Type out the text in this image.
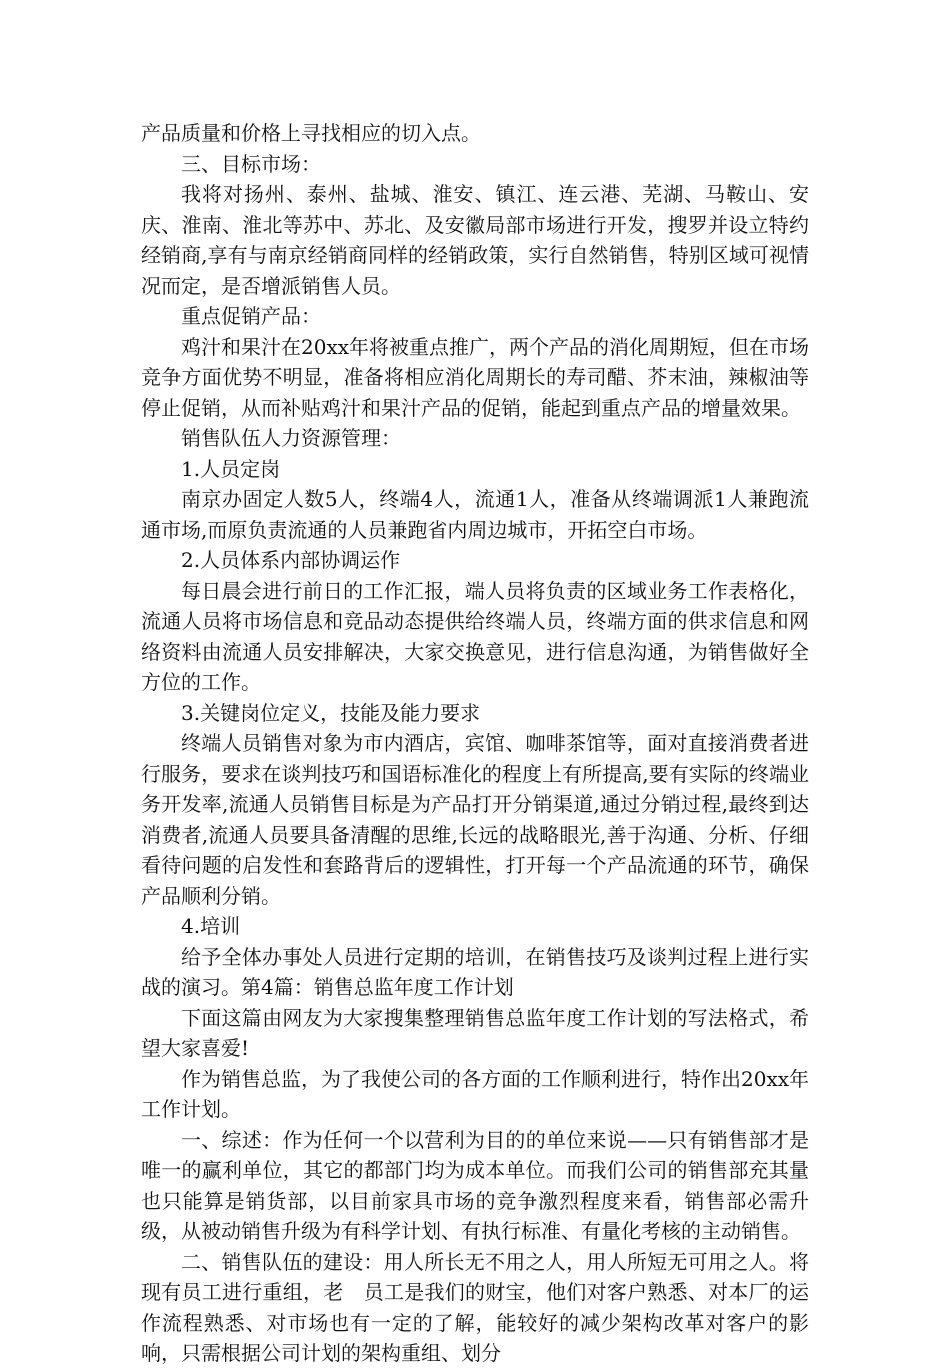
产品质量和价格上寻找相应的切入点。

三、目标市场：

我将对扬州、泰州、盐城、淮安、镇江、连云港、芜湖、马鞍山、安庆、淮南、淮北等苏中、苏北、及安徽局部市场进行开发，搜罗并设立特约经销商,享有与南京经销商同样的经销政策，实行自然销售，特别区域可视情况而定，是否增派销售人员。

重点促销产品：

鸡汁和果汁在20xx年将被重点推广，两个产品的消化周期短，但在市场竞争方面优势不明显，准备将相应消化周期长的寿司醋、芥末油，辣椒油等停止促销，从而补贴鸡汁和果汁产品的促销，能起到重点产品的增量效果。

销售队伍人力资源管理：

1.人员定岗

南京办固定人数5人，终端4人，流通1人，准备从终端调派1人兼跑流通市场,而原负责流通的人员兼跑省内周边城市，开拓空白市场。

2.人员体系内部协调运作

每日晨会进行前日的工作汇报，端人员将负责的区域业务工作表格化，流通人员将市场信息和竞品动态提供给终端人员，终端方面的供求信息和网络资料由流通人员安排解决，大家交换意见，进行信息沟通，为销售做好全方位的工作。

3.关键岗位定义，技能及能力要求

终端人员销售对象为市内酒店，宾馆、咖啡茶馆等，面对直接消费者进行服务，要求在谈判技巧和国语标准化的程度上有所提高,要有实际的终端业务开发率,流通人员销售目标是为产品打开分销渠道,通过分销过程,最终到达消费者,流通人员要具备清醒的思维,长远的战略眼光,善于沟通、分析、仔细看待问题的启发性和套路背后的逻辑性，打开每一个产品流通的环节，确保产品顺利分销。

4.培训

给予全体办事处人员进行定期的培训，在销售技巧及谈判过程上进行实战的演习。第4篇：销售总监年度工作计划

下面这篇由网友为大家搜集整理销售总监年度工作计划的写法格式，希望大家喜爱!

作为销售总监，为了我使公司的各方面的工作顺利进行，特作出20xx年工作计划。

一、综述：作为任何一个以营利为目的的单位来说——只有销售部才是唯一的赢利单位，其它的都部门均为成本单位。而我们公司的销售部充其量也只能算是销货部，以目前家具市场的竞争激烈程度来看，销售部必需升级，从被动销售升级为有科学计划、有执行标准、有量化考核的主动销售。

二、销售队伍的建设：用人所长无不用之人，用人所短无可用之人。将现有员工进行重组，老　员工是我们的财宝，他们对客户熟悉、对本厂的运作流程熟悉、对市场也有一定的了解，能较好的减少架构改革对客户的影响，只需根据公司计划的架构重组、划分
